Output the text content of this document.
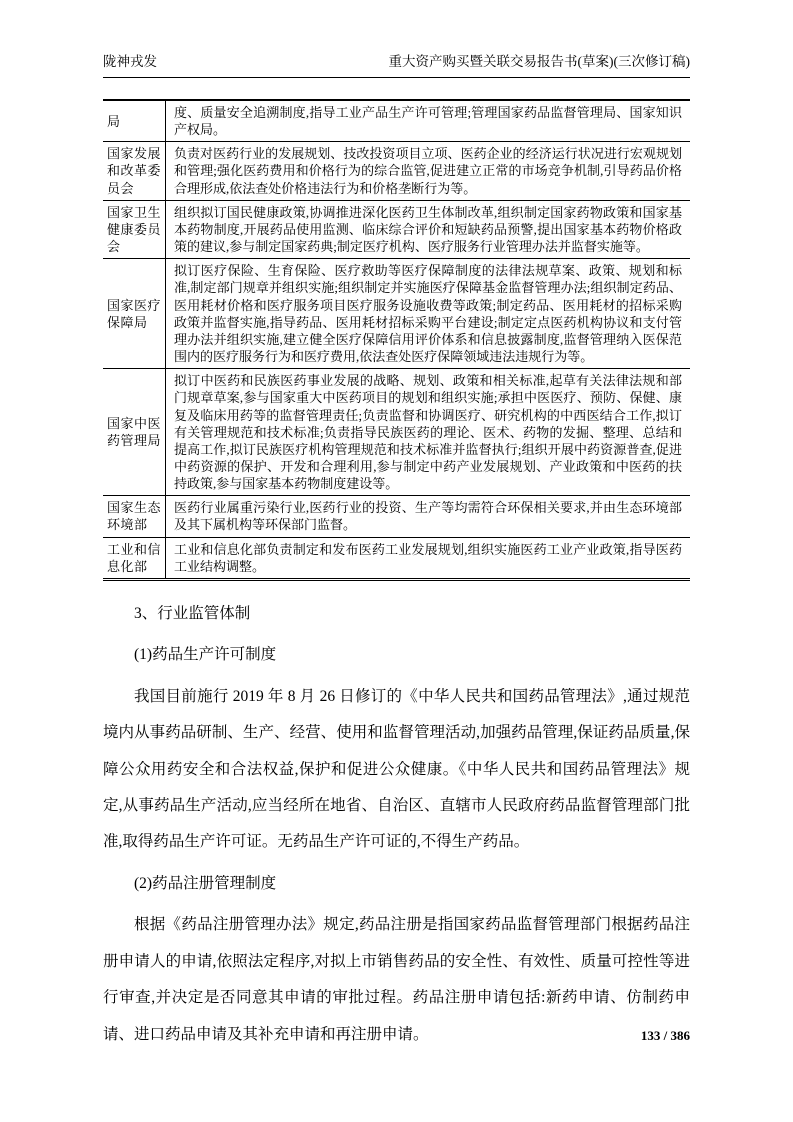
陇神戎发	重大资产购买暨关联交易报告书(草案)(三次修订稿)
局
度、质量安全追溯制度,指导工业产品生产许可管理;管理国家药品监督管理局、国家知识产权局。
国家发展和改革委员会
负责对医药行业的发展规划、技改投资项目立项、医药企业的经济运行状况进行宏观规划和管理;强化医药费用和价格行为的综合监管,促进建立正常的市场竞争机制,引导药品价格合理形成,依法查处价格违法行为和价格垄断行为等。
国家卫生健康委员会
组织拟订国民健康政策,协调推进深化医药卫生体制改革,组织制定国家药物政策和国家基本药物制度,开展药品使用监测、临床综合评价和短缺药品预警,提出国家基本药物价格政策的建议,参与制定国家药典;制定医疗机构、医疗服务行业管理办法并监督实施等。
国家医疗保障局
拟订医疗保险、生育保险、医疗救助等医疗保障制度的法律法规草案、政策、规划和标准,制定部门规章并组织实施;组织制定并实施医疗保障基金监督管理办法;组织制定药品、医用耗材价格和医疗服务项目医疗服务设施收费等政策;制定药品、医用耗材的招标采购政策并监督实施,指导药品、医用耗材招标采购平台建设;制定定点医药机构协议和支付管理办法并组织实施,建立健全医疗保障信用评价体系和信息披露制度,监督管理纳入医保范围内的医疗服务行为和医疗费用,依法查处医疗保障领域违法违规行为等。
国家中医药管理局
拟订中医药和民族医药事业发展的战略、规划、政策和相关标准,起草有关法律法规和部门规章草案,参与国家重大中医药项目的规划和组织实施;承担中医医疗、预防、保健、康复及临床用药等的监督管理责任;负责监督和协调医疗、研究机构的中西医结合工作,拟订有关管理规范和技术标准;负责指导民族医药的理论、医术、药物的发掘、整理、总结和提高工作,拟订民族医疗机构管理规范和技术标准并监督执行;组织开展中药资源普查,促进中药资源的保护、开发和合理利用,参与制定中药产业发展规划、产业政策和中医药的扶持政策,参与国家基本药物制度建设等。
国家生态环境部
医药行业属重污染行业,医药行业的投资、生产等均需符合环保相关要求,并由生态环境部及其下属机构等环保部门监督。
工业和信息化部
工业和信息化部负责制定和发布医药工业发展规划,组织实施医药工业产业政策,指导医药工业结构调整。
3、行业监管体制
(1)药品生产许可制度

我国目前施行 2019 年 8 月 26 日修订的《中华人民共和国药品管理法》,通过规范境内从事药品研制、生产、经营、使用和监督管理活动,加强药品管理,保证药品质量,保障公众用药安全和合法权益,保护和促进公众健康。《中华人民共和国药品管理法》规定,从事药品生产活动,应当经所在地省、自治区、直辖市人民政府药品监督管理部门批准,取得药品生产许可证。无药品生产许可证的,不得生产药品。

(2)药品注册管理制度

根据《药品注册管理办法》规定,药品注册是指国家药品监督管理部门根据药品注册申请人的申请,依照法定程序,对拟上市销售药品的安全性、有效性、质量可控性等进行审查,并决定是否同意其申请的审批过程。药品注册申请包括:新药申请、仿制药申请、进口药品申请及其补充申请和再注册申请。	133 / 386
